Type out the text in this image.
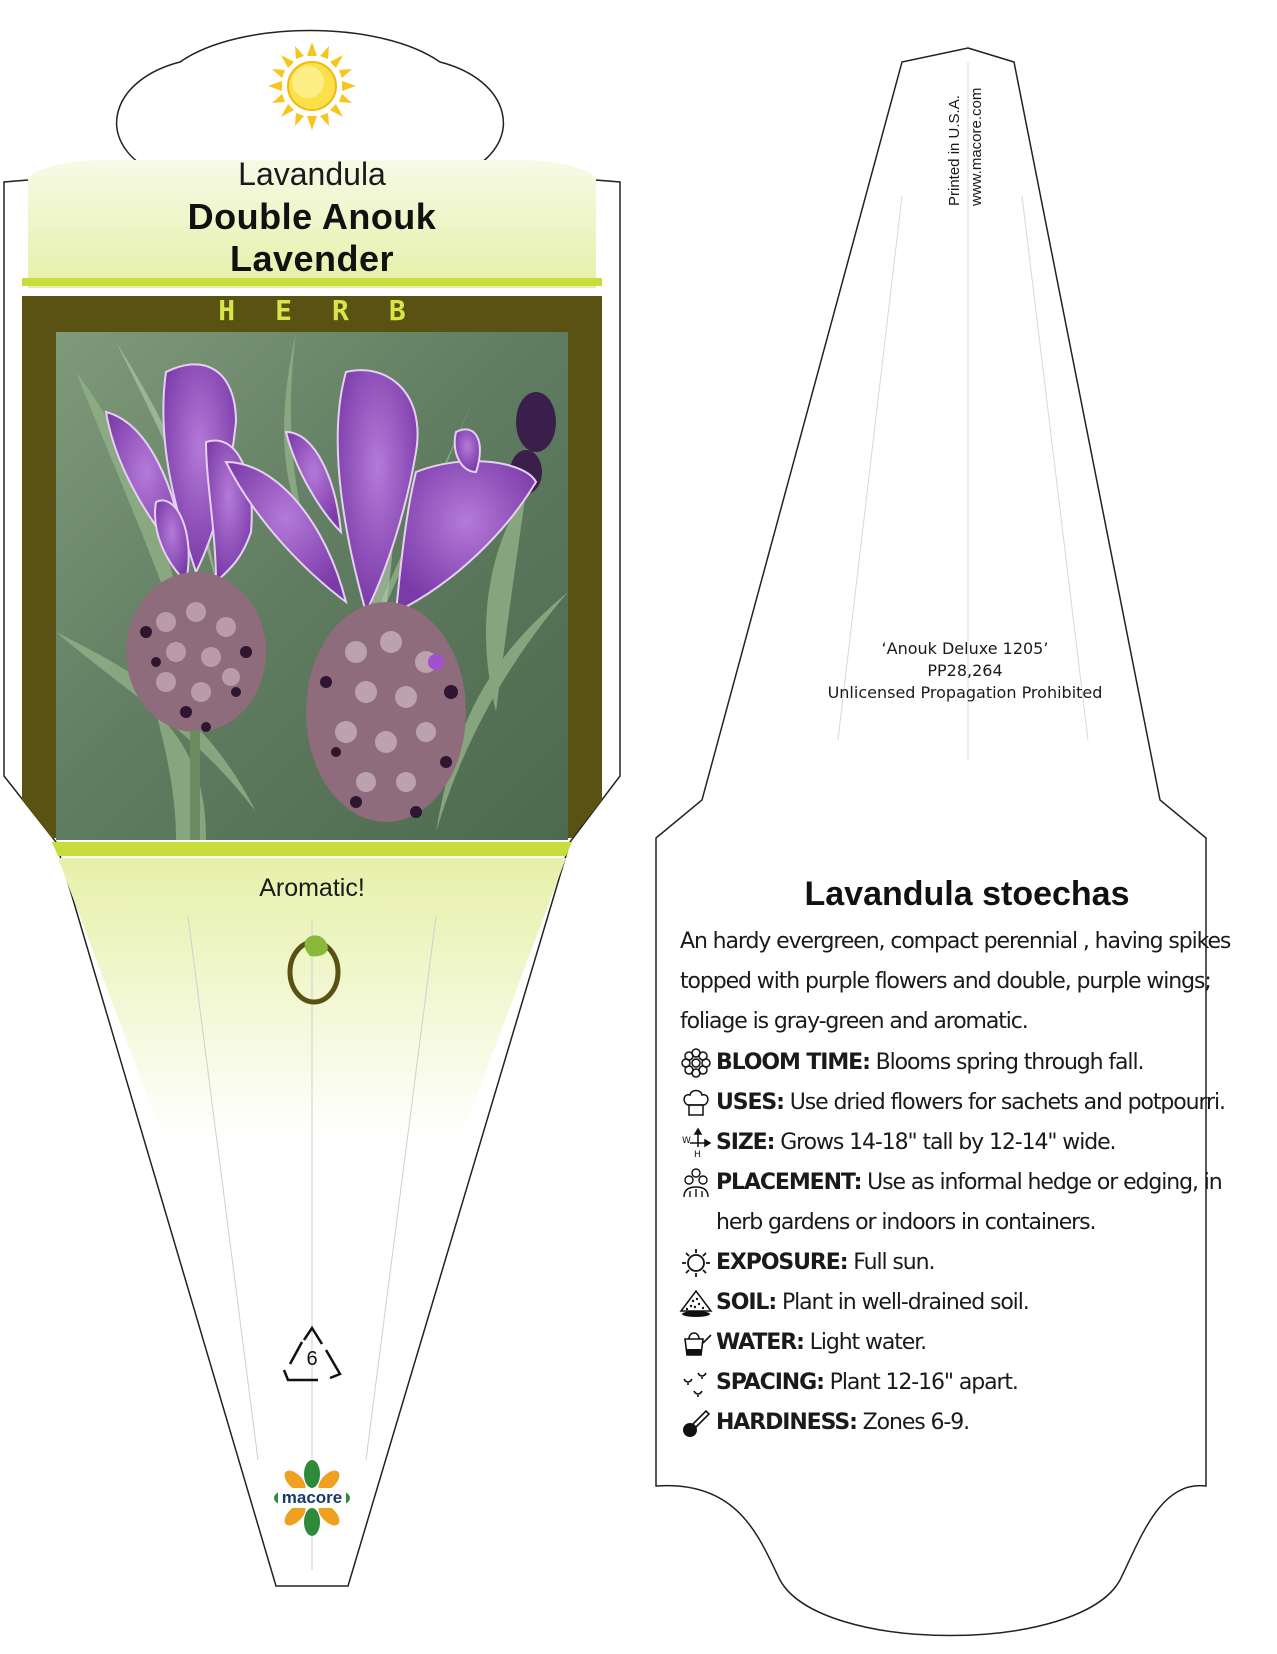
Lavandula
Double Anouk
Lavender
HERB
Aromatic!
6
macore
Printed in U.S.A. www.macore.com
‘Anouk Deluxe 1205’
PP28,264
Unlicensed Propagation Prohibited
Lavandula stoechas
An hardy evergreen, compact perennial , having spikes topped with purple flowers and double, purple wings; foliage is gray-green and aromatic.
BLOOM TIME: Blooms spring through fall.
USES: Use dried flowers for sachets and potpourri.
W
H SIZE: Grows 14-18" tall by 12-14" wide.
PLACEMENT: Use as informal hedge or edging, in herb gardens or indoors in containers.
EXPOSURE: Full sun.
SOIL: Plant in well-drained soil.
WATER: Light water.
SPACING: Plant 12-16" apart.
HARDINESS: Zones 6-9.
